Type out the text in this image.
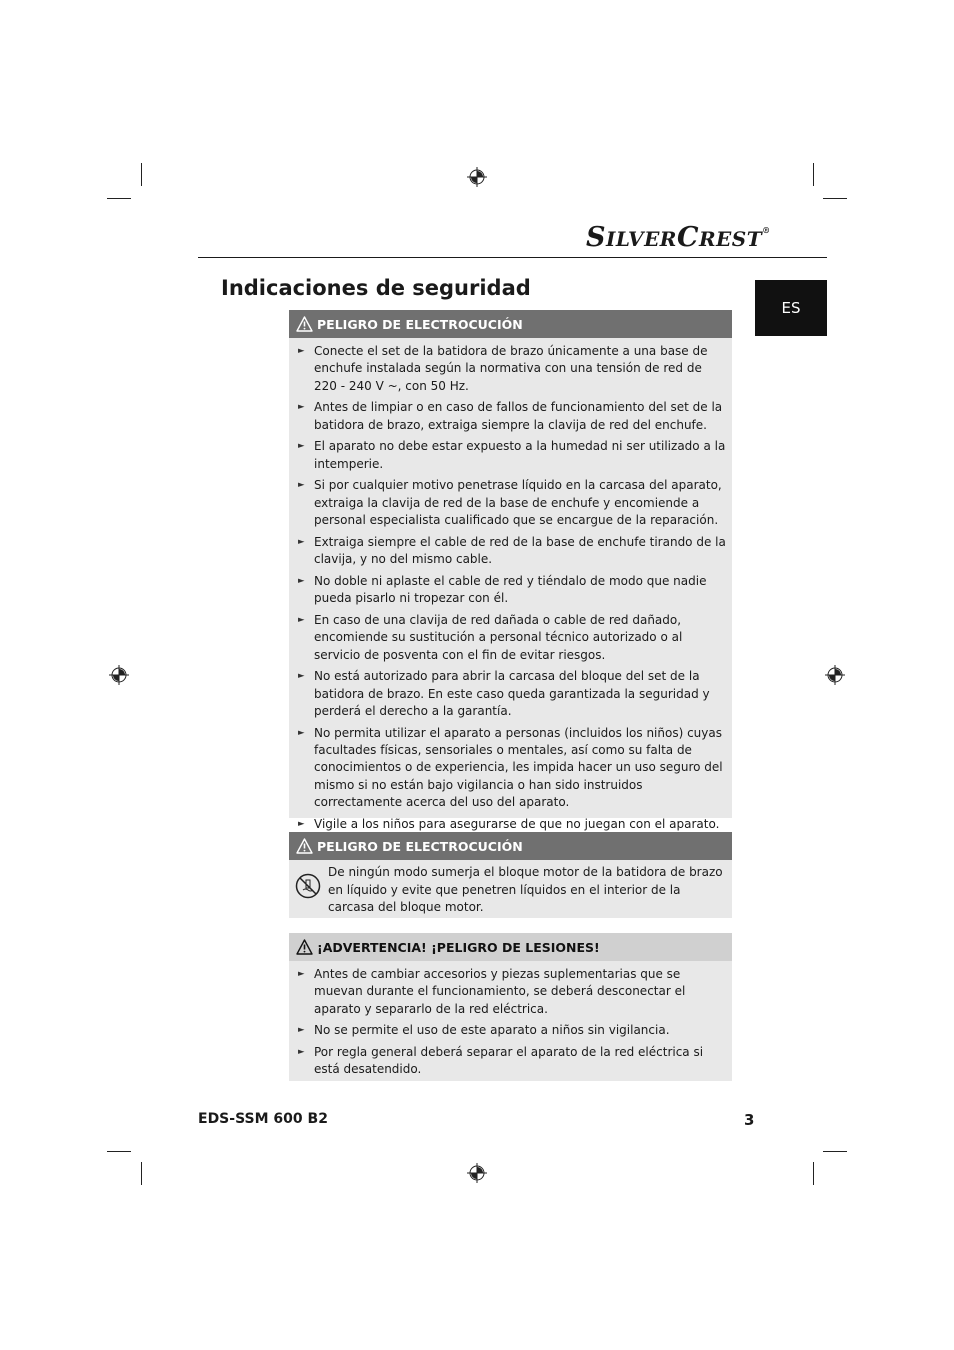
SILVERCREST®
ES
Indicaciones de seguridad
PELIGRO DE ELECTROCUCIÓN
► Conecte el set de la batidora de brazo únicamente a una base de enchufe instalada según la normativa con una tensión de red de 220 - 240 V ~, con 50 Hz.
► Antes de limpiar o en caso de fallos de funcionamiento del set de la batidora de brazo, extraiga siempre la clavija de red del enchufe.
► El aparato no debe estar expuesto a la humedad ni ser utilizado a la intemperie.
► Si por cualquier motivo penetrase líquido en la carcasa del aparato, extraiga la clavija de red de la base de enchufe y encomiende a personal especialista cualificado que se encargue de la reparación.
► Extraiga siempre el cable de red de la base de enchufe tirando de la clavija, y no del mismo cable.
► No doble ni aplaste el cable de red y tiéndalo de modo que nadie pueda pisarlo ni tropezar con él.
► En caso de una clavija de red dañada o cable de red dañado, encomiende su sustitución a personal técnico autorizado o al servicio de posventa con el fin de evitar riesgos.
► No está autorizado para abrir la carcasa del bloque del set de la batidora de brazo. En este caso queda garantizada la seguridad y perderá el derecho a la garantía.
► No permita utilizar el aparato a personas (incluidos los niños) cuyas facultades físicas, sensoriales o mentales, así como su falta de conocimientos o de experiencia, les impida hacer un uso seguro del mismo si no están bajo vigilancia o han sido instruidos correctamente acerca del uso del aparato.
► Vigile a los niños para asegurarse de que no juegan con el aparato.
PELIGRO DE ELECTROCUCIÓN

De ningún modo sumerja el bloque motor de la batidora de brazo en líquido y evite que penetren líquidos en el interior de la carcasa del bloque motor.

¡ADVERTENCIA! ¡PELIGRO DE LESIONES!
► Antes de cambiar accesorios y piezas suplementarias que se muevan durante el funcionamiento, se deberá desconectar el aparato y separarlo de la red eléctrica.
► No se permite el uso de este aparato a niños sin vigilancia.
► Por regla general deberá separar el aparato de la red eléctrica si está desatendido.
EDS-SSM 600 B2	3
